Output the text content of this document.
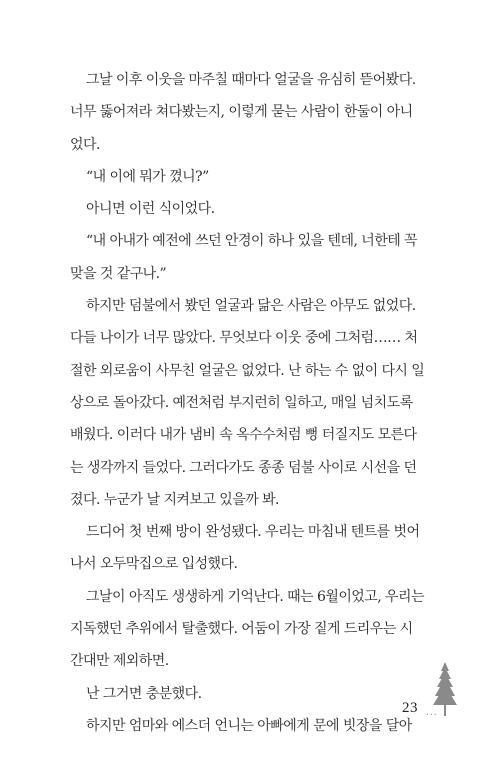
그날 이후 이웃을 마주칠 때마다 얼굴을 유심히 뜯어봤다.
너무 뚫어져라 쳐다봤는지, 이렇게 묻는 사람이 한둘이 아니
었다.

“내 이에 뭐가 꼈니?”

아니면 이런 식이었다.

“내 아내가 예전에 쓰던 안경이 하나 있을 텐데, 너한테 꼭
맞을 것 같구나.”

하지만 덤불에서 봤던 얼굴과 닮은 사람은 아무도 없었다.
다들 나이가 너무 많았다. 무엇보다 이웃 중에 그처럼…… 처
절한 외로움이 사무친 얼굴은 없었다. 난 하는 수 없이 다시 일
상으로 돌아갔다. 예전처럼 부지런히 일하고, 매일 넘치도록
배웠다. 이러다 내가 냄비 속 옥수수처럼 뻥 터질지도 모른다
는 생각까지 들었다. 그러다가도 종종 덤불 사이로 시선을 던
졌다. 누군가 날 지켜보고 있을까 봐.

드디어 첫 번째 방이 완성됐다. 우리는 마침내 텐트를 벗어
나서 오두막집으로 입성했다.

그날이 아직도 생생하게 기억난다. 때는 6월이었고, 우리는
지독했던 추위에서 탈출했다. 어둠이 가장 짙게 드리우는 시
간대만 제외하면.

난 그거면 충분했다.

하지만 엄마와 에스더 언니는 아빠에게 문에 빗장을 달아

23 ...
